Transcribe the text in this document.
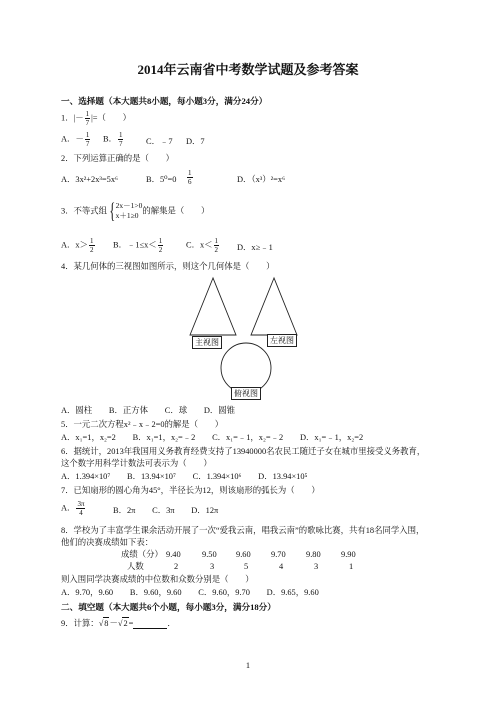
2014年云南省中考数学试题及参考答案
一、选择题（本大题共8小题，每小题3分，满分24分）
1．|－ $\frac{1}{7}$ |=（　　）
A．－ $\frac{1}{7}$ B． $\frac{1}{7}$	C．﹣7 D．7
2．下列运算正确的是（　　）
A．3x²+2x³=5x⁶	B．$5^0=0 \frac{1}{6}$	D．（x³）²=x⁶
3．不等式组 { 2x－1>0
x＋1≥0 的解集是（　　）
A．$x> \frac{1}{2}$ B．﹣1≤x＜ $\frac{1}{2}$	C．$x< \frac{1}{2}$ D．x≥﹣1
4．某几何体的三视图如图所示，则这个几何体是（　　）
主视图	左视图
俯视图
A．圆柱　　B．正方体　　C．球　　D．圆锥
5．一元二次方程x²﹣x﹣2=0的解是（　　）
A．x₁=1，x₂=2　　B．x₁=1，x₂=﹣2　　C．x₁=﹣1，x₂=﹣2　　D．x₁=﹣1，x₂=2
6．据统计，2013年我国用义务教育经费支持了13940000名农民工随迁子女在城市里接受义务教育，
这个数字用科学计数法可表示为（　　）
A．1.394×10⁷　　B．13.94×10⁷　　C．1.394×10⁶　　D．13.94×10⁵
7．已知扇形的圆心角为45°，半径长为12，则该扇形的弧长为（　　）
A． $\frac{3\pi}{4}$	B．2π　　C．3π　　D．12π
8．学校为了丰富学生课余活动开展了一次“爱我云南，唱我云南”的歌咏比赛，共有18名同学入围，
他们的决赛成绩如下表：
成绩（分） 9.40	9.50 9.60 9.70 9.80 9.90
人数	2	3	5	4	3	1
则入围同学决赛成绩的中位数和众数分别是（　　）
A．9.70，9.60　　B．9.60，9.60　　C．9.60，9.70　　D．9.65，9.60
二、填空题（本大题共6个小题，每小题3分，满分18分）
9．计算：√8－√2=	．
1
